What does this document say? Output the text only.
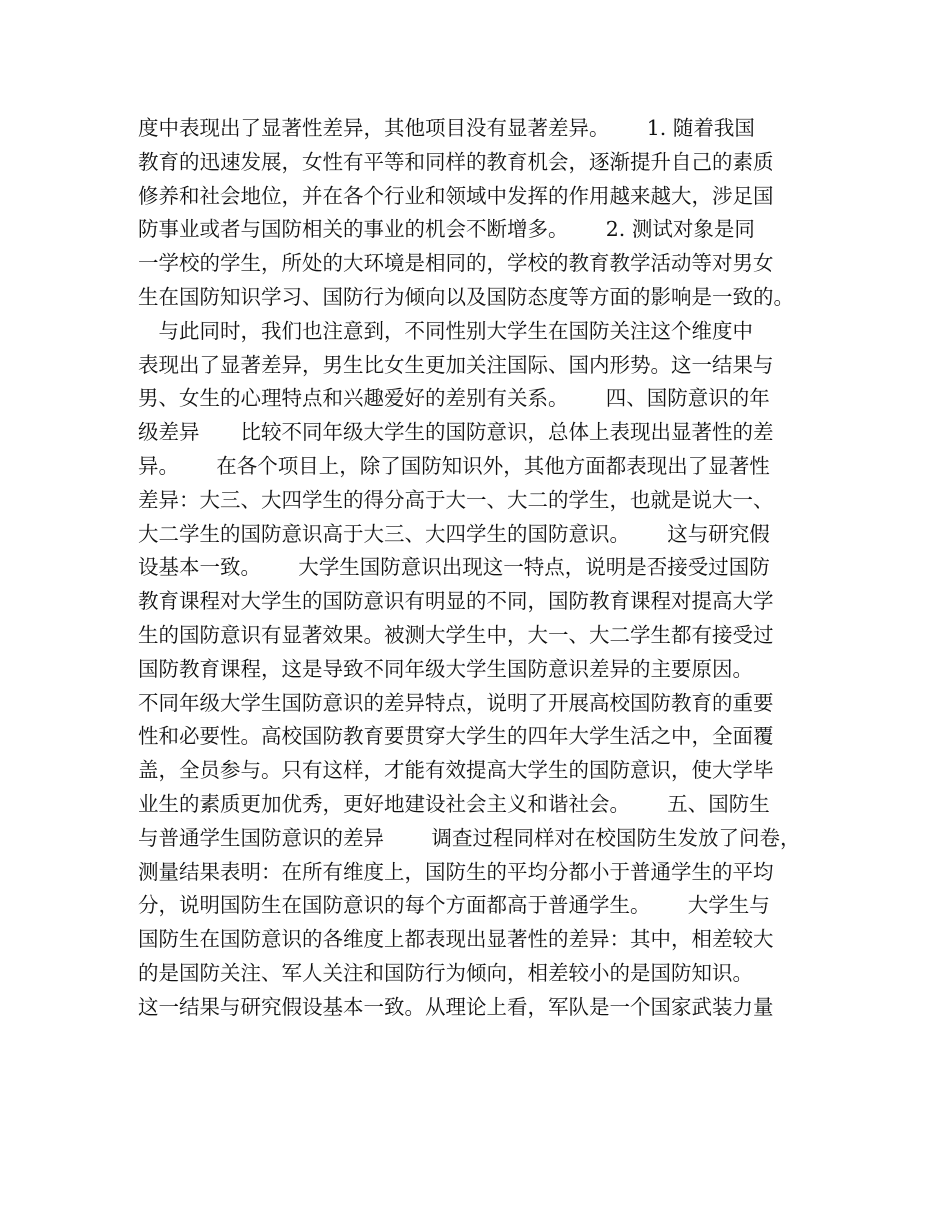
度中表现出了显著性差异，其他项目没有显著差异。　　 1. 随着我国
教育的迅速发展，女性有平等和同样的教育机会，逐渐提升自己的素质
修养和社会地位，并在各个行业和领域中发挥的作用越来越大，涉足国
防事业或者与国防相关的事业的机会不断增多。　　 2. 测试对象是同
一学校的学生，所处的大环境是相同的，学校的教育教学活动等对男女
生在国防知识学习、国防行为倾向以及国防态度等方面的影响是一致的。
　与此同时，我们也注意到，不同性别大学生在国防关注这个维度中
表现出了显著差异，男生比女生更加关注国际、国内形势。这一结果与
男、女生的心理特点和兴趣爱好的差别有关系。　　 四、国防意识的年
级差异　　比较不同年级大学生的国防意识，总体上表现出显著性的差
异。　　 在各个项目上，除了国防知识外，其他方面都表现出了显著性
差异：大三、大四学生的得分高于大一、大二的学生，也就是说大一、
大二学生的国防意识高于大三、大四学生的国防意识。　　 这与研究假
设基本一致。　　 大学生国防意识出现这一特点，说明是否接受过国防
教育课程对大学生的国防意识有明显的不同，国防教育课程对提高大学
生的国防意识有显著效果。被测大学生中，大一、大二学生都有接受过
国防教育课程，这是导致不同年级大学生国防意识差异的主要原因。
不同年级大学生国防意识的差异特点，说明了开展高校国防教育的重要
性和必要性。高校国防教育要贯穿大学生的四年大学生活之中，全面覆
盖，全员参与。只有这样，才能有效提高大学生的国防意识，使大学毕
业生的素质更加优秀，更好地建设社会主义和谐社会。　　 五、国防生
与普通学生国防意识的差异　　 调查过程同样对在校国防生发放了问卷，
测量结果表明：在所有维度上，国防生的平均分都小于普通学生的平均
分，说明国防生在国防意识的每个方面都高于普通学生。　　 大学生与
国防生在国防意识的各维度上都表现出显著性的差异：其中，相差较大
的是国防关注、军人关注和国防行为倾向，相差较小的是国防知识。
这一结果与研究假设基本一致。从理论上看，军队是一个国家武装力量
